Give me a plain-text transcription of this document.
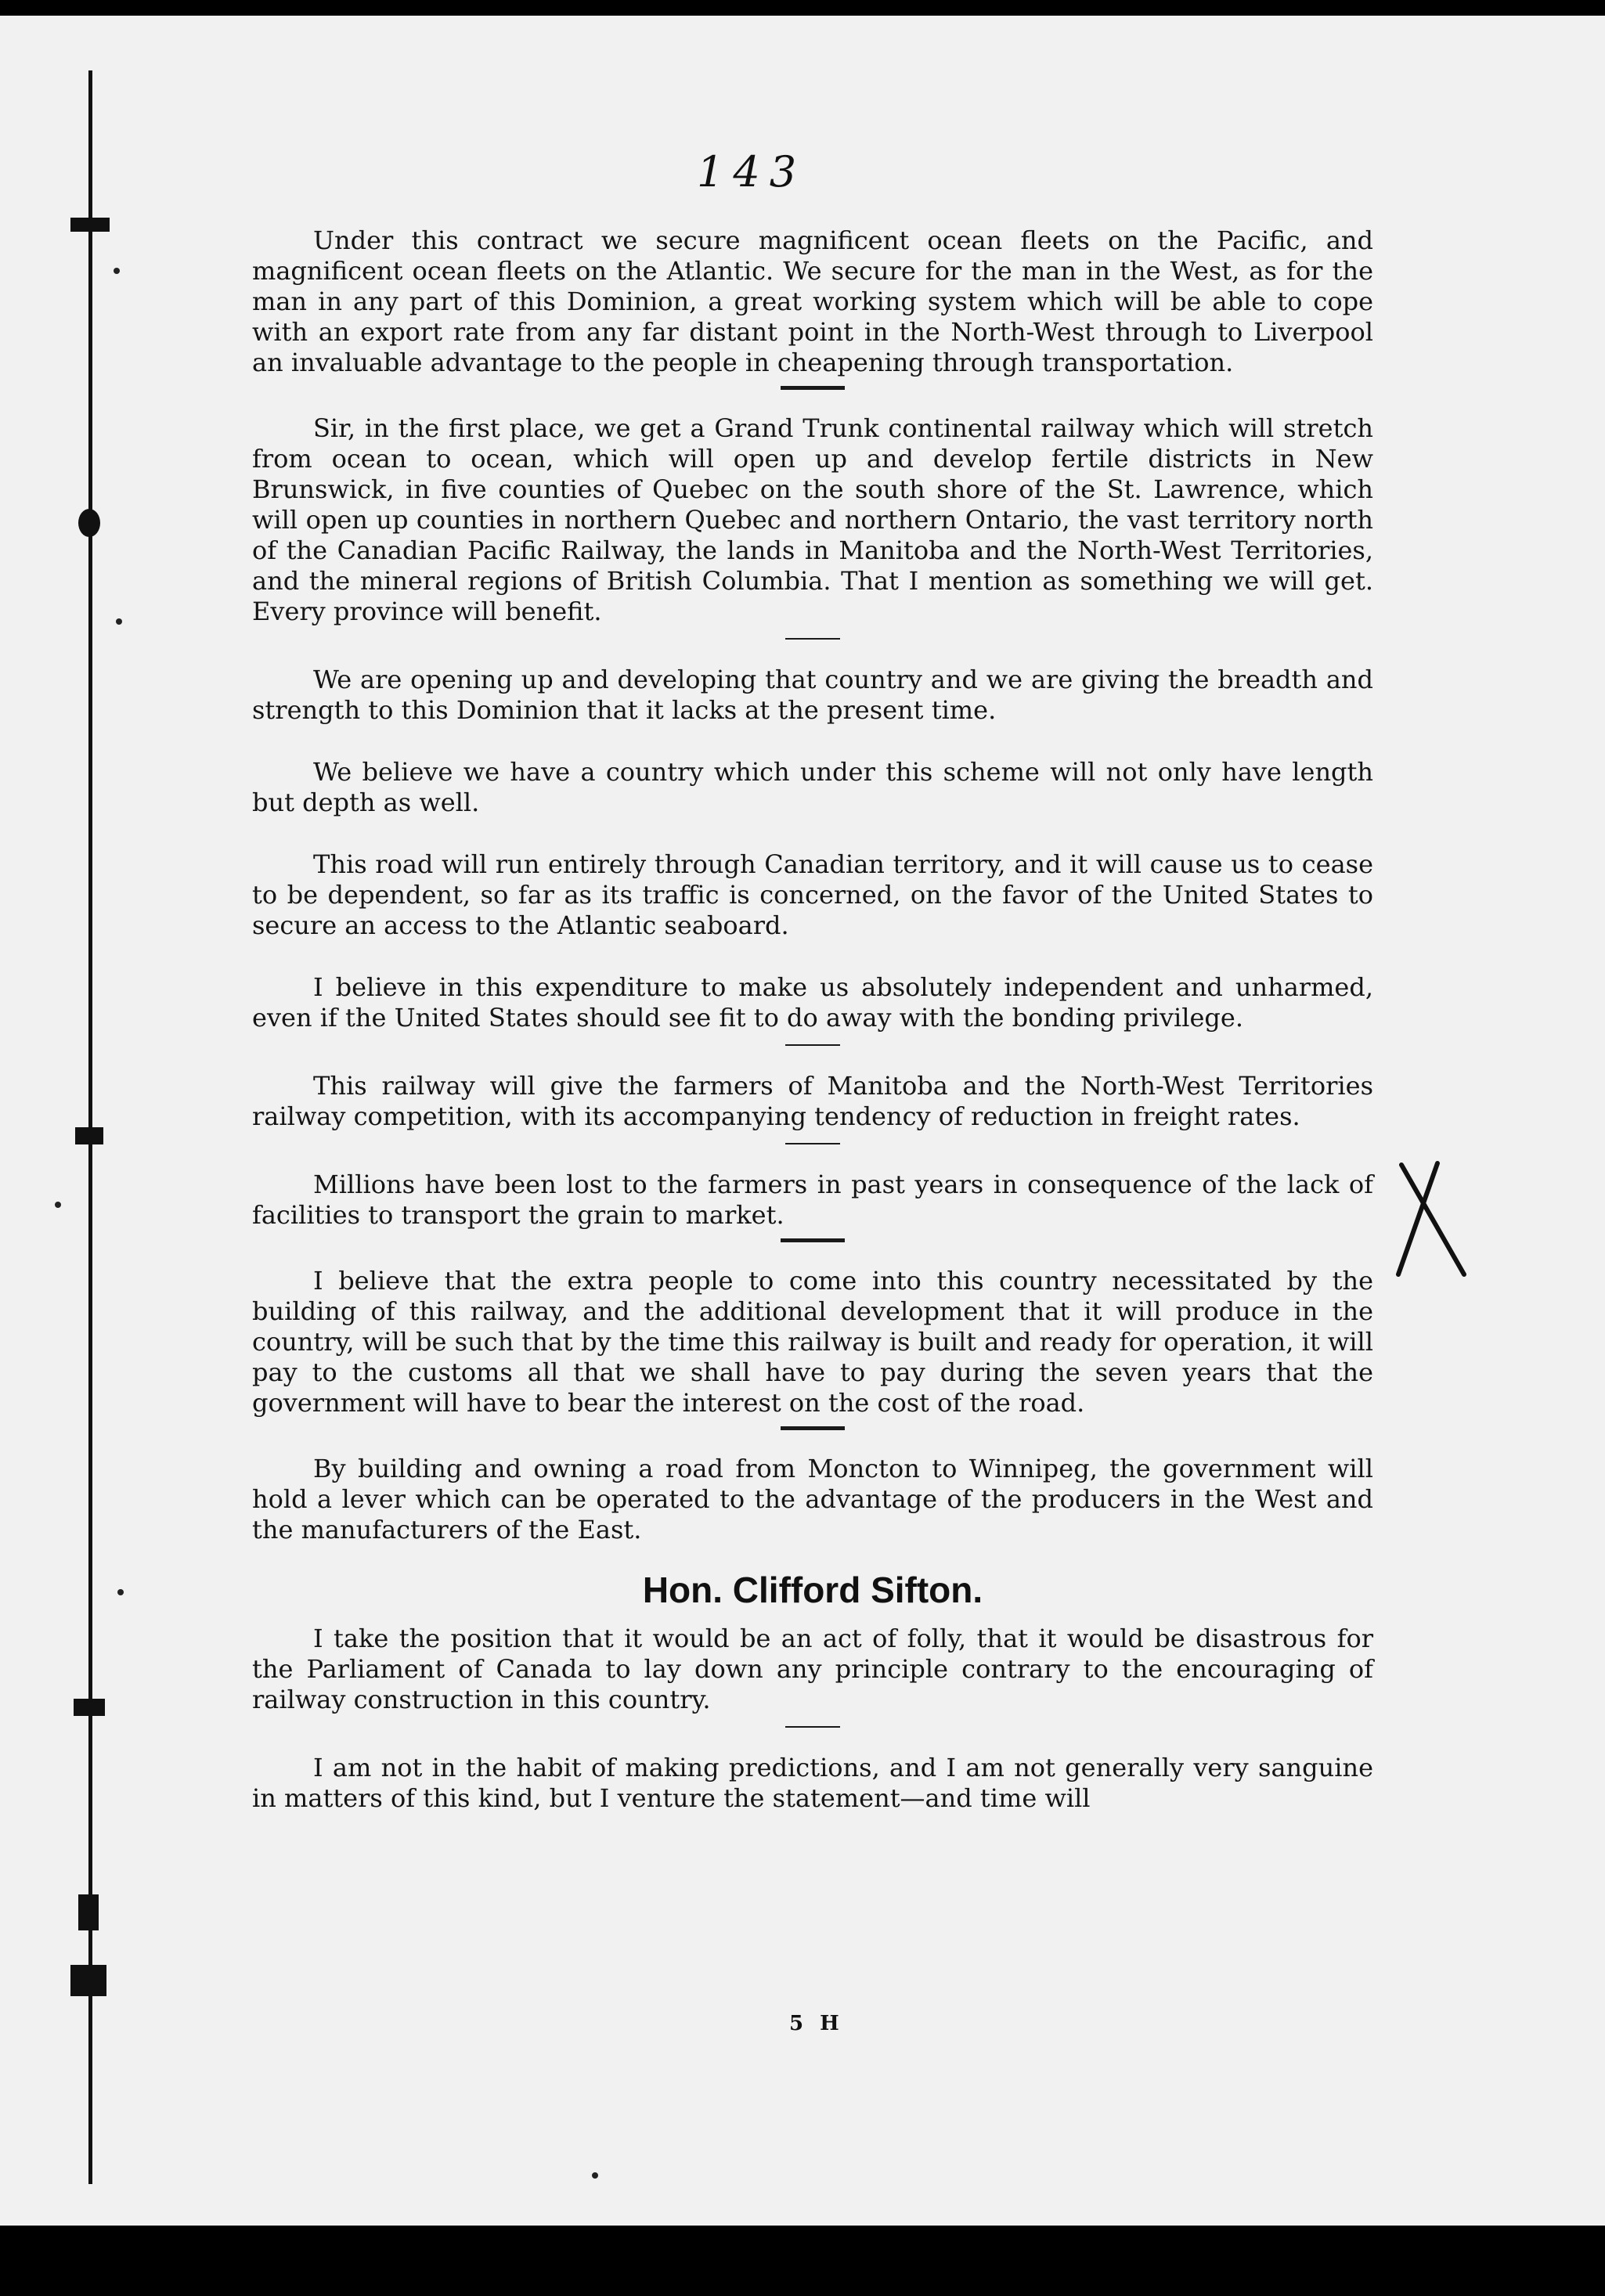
143

Under this contract we secure magnificent ocean fleets on the Pacific, and magnificent ocean fleets on the Atlantic. We secure for the man in the West, as for the man in any part of this Dominion, a great working system which will be able to cope with an export rate from any far distant point in the North-West through to Liverpool an invaluable advantage to the people in cheapening through transportation.

Sir, in the first place, we get a Grand Trunk continental railway which will stretch from ocean to ocean, which will open up and develop fertile districts in New Brunswick, in five counties of Quebec on the south shore of the St. Lawrence, which will open up counties in northern Quebec and northern Ontario, the vast territory north of the Canadian Pacific Railway, the lands in Manitoba and the North-West Territories, and the mineral regions of British Columbia. That I mention as something we will get. Every province will benefit.

We are opening up and developing that country and we are giving the breadth and strength to this Dominion that it lacks at the present time.

We believe we have a country which under this scheme will not only have length but depth as well.

This road will run entirely through Canadian territory, and it will cause us to cease to be dependent, so far as its traffic is concerned, on the favor of the United States to secure an access to the Atlantic seaboard.

I believe in this expenditure to make us absolutely independent and unharmed, even if the United States should see fit to do away with the bonding privilege.

This railway will give the farmers of Manitoba and the North-West Territories railway competition, with its accompanying tendency of reduction in freight rates.

Millions have been lost to the farmers in past years in consequence of the lack of facilities to transport the grain to market.

I believe that the extra people to come into this country necessitated by the building of this railway, and the additional development that it will produce in the country, will be such that by the time this railway is built and ready for operation, it will pay to the customs all that we shall have to pay during the seven years that the government will have to bear the interest on the cost of the road.

By building and owning a road from Moncton to Winnipeg, the government will hold a lever which can be operated to the advantage of the producers in the West and the manufacturers of the East.

Hon. Clifford Sifton.

I take the position that it would be an act of folly, that it would be disastrous for the Parliament of Canada to lay down any principle contrary to the encouraging of railway construction in this country.

I am not in the habit of making predictions, and I am not generally very sanguine in matters of this kind, but I venture the statement—and time will

5 H
